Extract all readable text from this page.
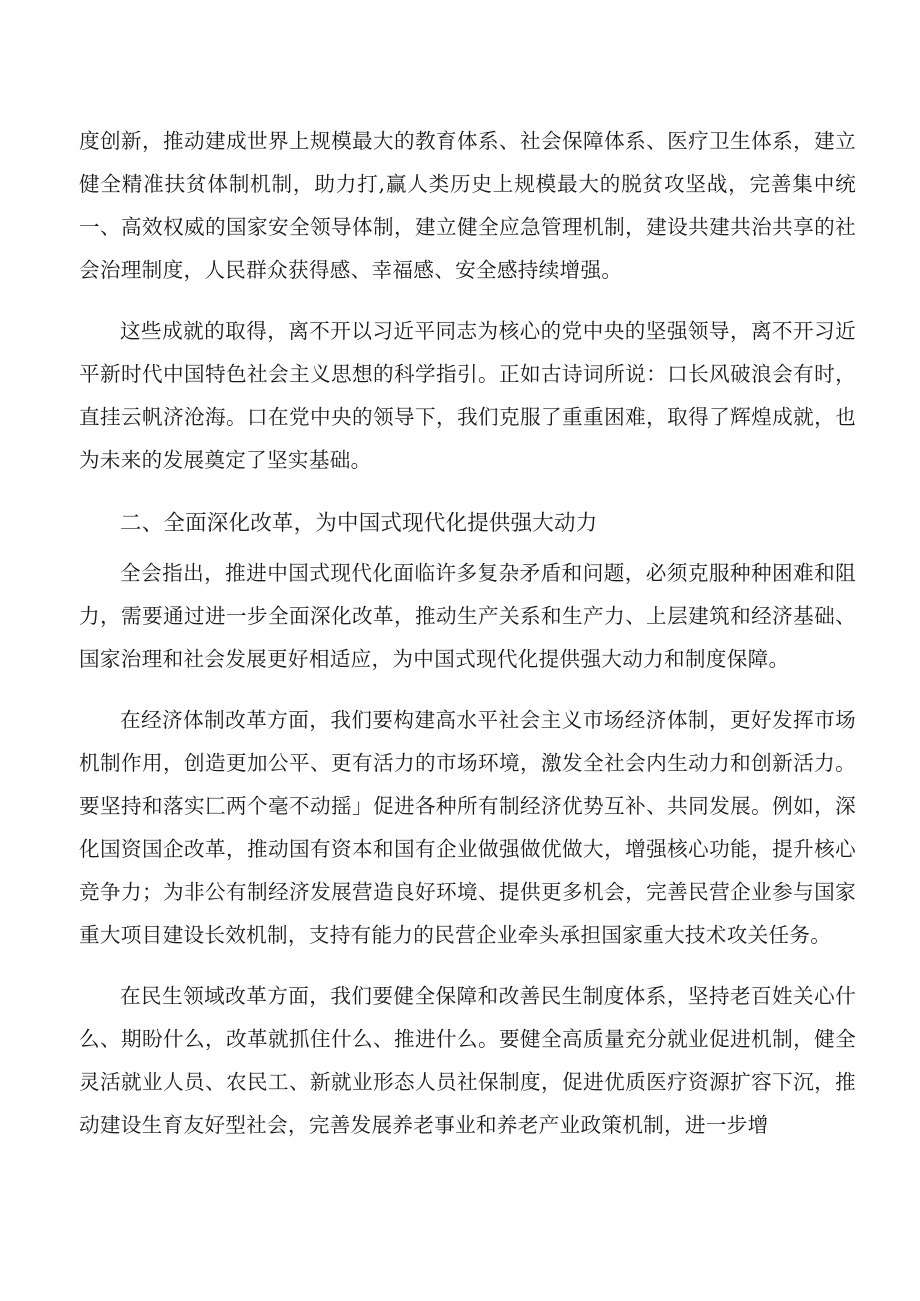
度创新，推动建成世界上规模最大的教育体系、社会保障体系、医疗卫生体系，建立健全精准扶贫体制机制，助力打,赢人类历史上规模最大的脱贫攻坚战，完善集中统一、高效权威的国家安全领导体制，建立健全应急管理机制，建设共建共治共享的社会治理制度，人民群众获得感、幸福感、安全感持续增强。

这些成就的取得，离不开以习近平同志为核心的党中央的坚强领导，离不开习近平新时代中国特色社会主义思想的科学指引。正如古诗词所说：口长风破浪会有时，直挂云帆济沧海。口在党中央的领导下，我们克服了重重困难，取得了辉煌成就，也为未来的发展奠定了坚实基础。

二、全面深化改革，为中国式现代化提供强大动力

全会指出，推进中国式现代化面临许多复杂矛盾和问题，必须克服种种困难和阻力，需要通过进一步全面深化改革，推动生产关系和生产力、上层建筑和经济基础、国家治理和社会发展更好相适应，为中国式现代化提供强大动力和制度保障。

在经济体制改革方面，我们要构建高水平社会主义市场经济体制，更好发挥市场机制作用，创造更加公平、更有活力的市场环境，激发全社会内生动力和创新活力。要坚持和落实匚两个毫不动摇」促进各种所有制经济优势互补、共同发展。例如，深化国资国企改革，推动国有资本和国有企业做强做优做大，增强核心功能，提升核心竞争力；为非公有制经济发展营造良好环境、提供更多机会，完善民营企业参与国家重大项目建设长效机制，支持有能力的民营企业牵头承担国家重大技术攻关任务。

在民生领域改革方面，我们要健全保障和改善民生制度体系，坚持老百姓关心什么、期盼什么，改革就抓住什么、推进什么。要健全高质量充分就业促进机制，健全灵活就业人员、农民工、新就业形态人员社保制度，促进优质医疗资源扩容下沉，推动建设生育友好型社会，完善发展养老事业和养老产业政策机制，进一步增
